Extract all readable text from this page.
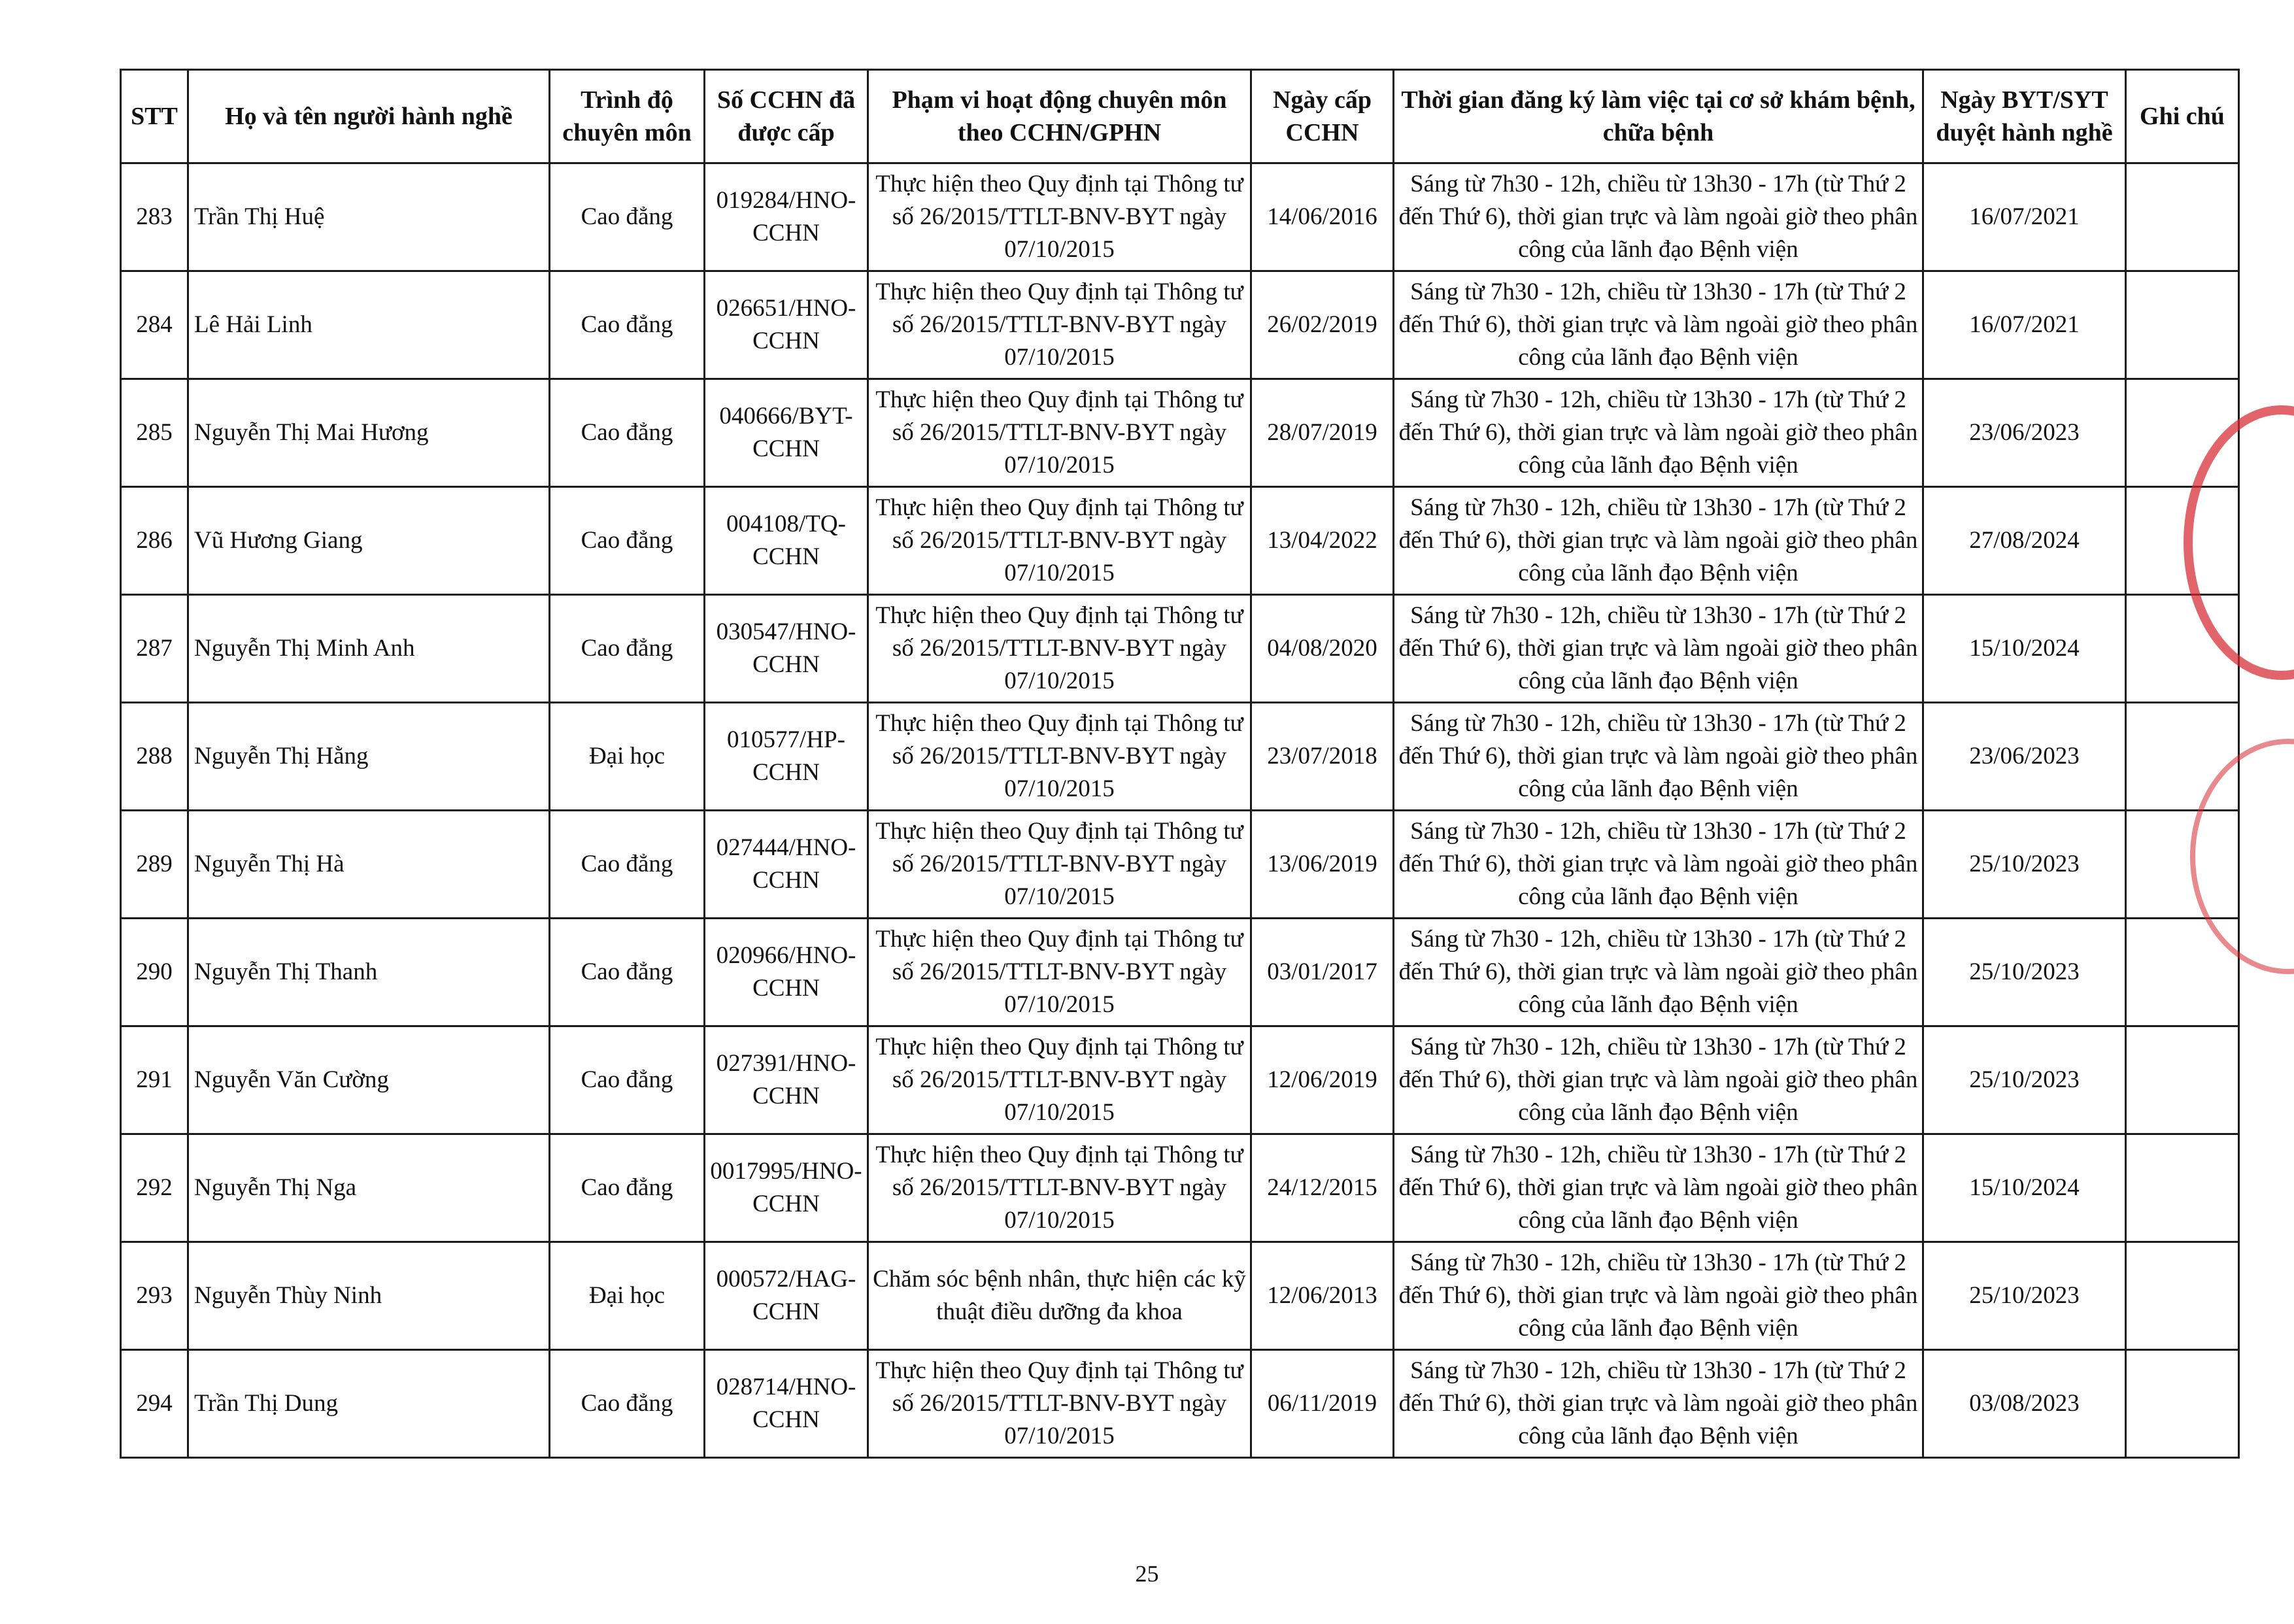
STT	Họ và tên người hành nghề	Trình độ chuyên môn	Số CCHN đã được cấp	Phạm vi hoạt động chuyên môn theo CCHN/GPHN	Ngày cấp CCHN	Thời gian đăng ký làm việc tại cơ sở khám bệnh, chữa bệnh	Ngày BYT/SYT duyệt hành nghề	Ghi chú
283	Trần Thị Huệ	Cao đẳng	019284/HNO-CCHN	Thực hiện theo Quy định tại Thông tư số 26/2015/TTLT-BNV-BYT ngày 07/10/2015	14/06/2016	Sáng từ 7h30 - 12h, chiều từ 13h30 - 17h (từ Thứ 2 đến Thứ 6), thời gian trực và làm ngoài giờ theo phân công của lãnh đạo Bệnh viện	16/07/2021	
284	Lê Hải Linh	Cao đẳng	026651/HNO-CCHN	Thực hiện theo Quy định tại Thông tư số 26/2015/TTLT-BNV-BYT ngày 07/10/2015	26/02/2019	Sáng từ 7h30 - 12h, chiều từ 13h30 - 17h (từ Thứ 2 đến Thứ 6), thời gian trực và làm ngoài giờ theo phân công của lãnh đạo Bệnh viện	16/07/2021	
285	Nguyễn Thị Mai Hương	Cao đẳng	040666/BYT-CCHN	Thực hiện theo Quy định tại Thông tư số 26/2015/TTLT-BNV-BYT ngày 07/10/2015	28/07/2019	Sáng từ 7h30 - 12h, chiều từ 13h30 - 17h (từ Thứ 2 đến Thứ 6), thời gian trực và làm ngoài giờ theo phân công của lãnh đạo Bệnh viện	23/06/2023	
286	Vũ Hương Giang	Cao đẳng	004108/TQ-CCHN	Thực hiện theo Quy định tại Thông tư số 26/2015/TTLT-BNV-BYT ngày 07/10/2015	13/04/2022	Sáng từ 7h30 - 12h, chiều từ 13h30 - 17h (từ Thứ 2 đến Thứ 6), thời gian trực và làm ngoài giờ theo phân công của lãnh đạo Bệnh viện	27/08/2024	
287	Nguyễn Thị Minh Anh	Cao đẳng	030547/HNO-CCHN	Thực hiện theo Quy định tại Thông tư số 26/2015/TTLT-BNV-BYT ngày 07/10/2015	04/08/2020	Sáng từ 7h30 - 12h, chiều từ 13h30 - 17h (từ Thứ 2 đến Thứ 6), thời gian trực và làm ngoài giờ theo phân công của lãnh đạo Bệnh viện	15/10/2024	
288	Nguyễn Thị Hằng	Đại học	010577/HP-CCHN	Thực hiện theo Quy định tại Thông tư số 26/2015/TTLT-BNV-BYT ngày 07/10/2015	23/07/2018	Sáng từ 7h30 - 12h, chiều từ 13h30 - 17h (từ Thứ 2 đến Thứ 6), thời gian trực và làm ngoài giờ theo phân công của lãnh đạo Bệnh viện	23/06/2023	
289	Nguyễn Thị Hà	Cao đẳng	027444/HNO-CCHN	Thực hiện theo Quy định tại Thông tư số 26/2015/TTLT-BNV-BYT ngày 07/10/2015	13/06/2019	Sáng từ 7h30 - 12h, chiều từ 13h30 - 17h (từ Thứ 2 đến Thứ 6), thời gian trực và làm ngoài giờ theo phân công của lãnh đạo Bệnh viện	25/10/2023	
290	Nguyễn Thị Thanh	Cao đẳng	020966/HNO-CCHN	Thực hiện theo Quy định tại Thông tư số 26/2015/TTLT-BNV-BYT ngày 07/10/2015	03/01/2017	Sáng từ 7h30 - 12h, chiều từ 13h30 - 17h (từ Thứ 2 đến Thứ 6), thời gian trực và làm ngoài giờ theo phân công của lãnh đạo Bệnh viện	25/10/2023	
291	Nguyễn Văn Cường	Cao đẳng	027391/HNO-CCHN	Thực hiện theo Quy định tại Thông tư số 26/2015/TTLT-BNV-BYT ngày 07/10/2015	12/06/2019	Sáng từ 7h30 - 12h, chiều từ 13h30 - 17h (từ Thứ 2 đến Thứ 6), thời gian trực và làm ngoài giờ theo phân công của lãnh đạo Bệnh viện	25/10/2023	
292	Nguyễn Thị Nga	Cao đẳng	0017995/HNO-CCHN	Thực hiện theo Quy định tại Thông tư số 26/2015/TTLT-BNV-BYT ngày 07/10/2015	24/12/2015	Sáng từ 7h30 - 12h, chiều từ 13h30 - 17h (từ Thứ 2 đến Thứ 6), thời gian trực và làm ngoài giờ theo phân công của lãnh đạo Bệnh viện	15/10/2024	
293	Nguyễn Thùy Ninh	Đại học	000572/HAG-CCHN	Chăm sóc bệnh nhân, thực hiện các kỹ thuật điều dưỡng đa khoa	12/06/2013	Sáng từ 7h30 - 12h, chiều từ 13h30 - 17h (từ Thứ 2 đến Thứ 6), thời gian trực và làm ngoài giờ theo phân công của lãnh đạo Bệnh viện	25/10/2023	
294	Trần Thị Dung	Cao đẳng	028714/HNO-CCHN	Thực hiện theo Quy định tại Thông tư số 26/2015/TTLT-BNV-BYT ngày 07/10/2015	06/11/2019	Sáng từ 7h30 - 12h, chiều từ 13h30 - 17h (từ Thứ 2 đến Thứ 6), thời gian trực và làm ngoài giờ theo phân công của lãnh đạo Bệnh viện	03/08/2023	
25
